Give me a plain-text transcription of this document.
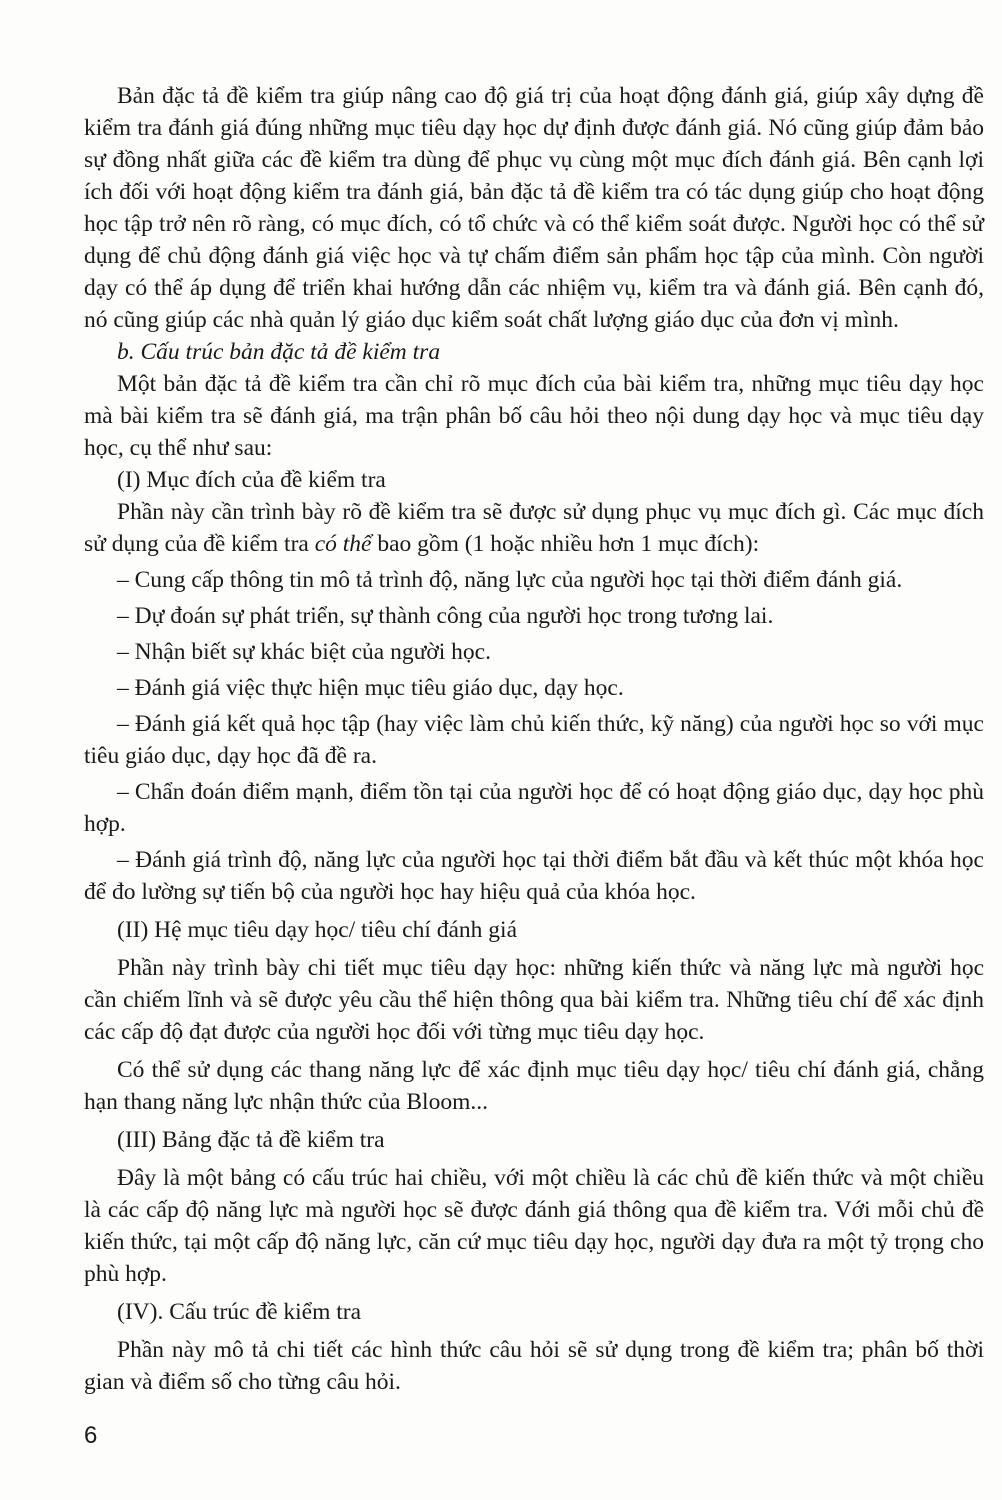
Bản đặc tả đề kiểm tra giúp nâng cao độ giá trị của hoạt động đánh giá, giúp xây dựng đề kiểm tra đánh giá đúng những mục tiêu dạy học dự định được đánh giá. Nó cũng giúp đảm bảo sự đồng nhất giữa các đề kiểm tra dùng để phục vụ cùng một mục đích đánh giá. Bên cạnh lợi ích đối với hoạt động kiểm tra đánh giá, bản đặc tả đề kiểm tra có tác dụng giúp cho hoạt động học tập trở nên rõ ràng, có mục đích, có tổ chức và có thể kiểm soát được. Người học có thể sử dụng để chủ động đánh giá việc học và tự chấm điểm sản phẩm học tập của mình. Còn người dạy có thể áp dụng để triển khai hướng dẫn các nhiệm vụ, kiểm tra và đánh giá. Bên cạnh đó, nó cũng giúp các nhà quản lý giáo dục kiểm soát chất lượng giáo dục của đơn vị mình.

b. Cấu trúc bản đặc tả đề kiểm tra

Một bản đặc tả đề kiểm tra cần chỉ rõ mục đích của bài kiểm tra, những mục tiêu dạy học mà bài kiểm tra sẽ đánh giá, ma trận phân bố câu hỏi theo nội dung dạy học và mục tiêu dạy học, cụ thể như sau:

(I) Mục đích của đề kiểm tra

Phần này cần trình bày rõ đề kiểm tra sẽ được sử dụng phục vụ mục đích gì. Các mục đích sử dụng của đề kiểm tra có thể bao gồm (1 hoặc nhiều hơn 1 mục đích):

– Cung cấp thông tin mô tả trình độ, năng lực của người học tại thời điểm đánh giá.

– Dự đoán sự phát triển, sự thành công của người học trong tương lai.

– Nhận biết sự khác biệt của người học.

– Đánh giá việc thực hiện mục tiêu giáo dục, dạy học.

– Đánh giá kết quả học tập (hay việc làm chủ kiến thức, kỹ năng) của người học so với mục tiêu giáo dục, dạy học đã đề ra.

– Chẩn đoán điểm mạnh, điểm tồn tại của người học để có hoạt động giáo dục, dạy học phù hợp.

– Đánh giá trình độ, năng lực của người học tại thời điểm bắt đầu và kết thúc một khóa học để đo lường sự tiến bộ của người học hay hiệu quả của khóa học.

(II) Hệ mục tiêu dạy học/ tiêu chí đánh giá

Phần này trình bày chi tiết mục tiêu dạy học: những kiến thức và năng lực mà người học cần chiếm lĩnh và sẽ được yêu cầu thể hiện thông qua bài kiểm tra. Những tiêu chí để xác định các cấp độ đạt được của người học đối với từng mục tiêu dạy học.

Có thể sử dụng các thang năng lực để xác định mục tiêu dạy học/ tiêu chí đánh giá, chẳng hạn thang năng lực nhận thức của Bloom...

(III) Bảng đặc tả đề kiểm tra

Đây là một bảng có cấu trúc hai chiều, với một chiều là các chủ đề kiến thức và một chiều là các cấp độ năng lực mà người học sẽ được đánh giá thông qua đề kiểm tra. Với mỗi chủ đề kiến thức, tại một cấp độ năng lực, căn cứ mục tiêu dạy học, người dạy đưa ra một tỷ trọng cho phù hợp.

(IV). Cấu trúc đề kiểm tra

Phần này mô tả chi tiết các hình thức câu hỏi sẽ sử dụng trong đề kiểm tra; phân bố thời gian và điểm số cho từng câu hỏi.

6
